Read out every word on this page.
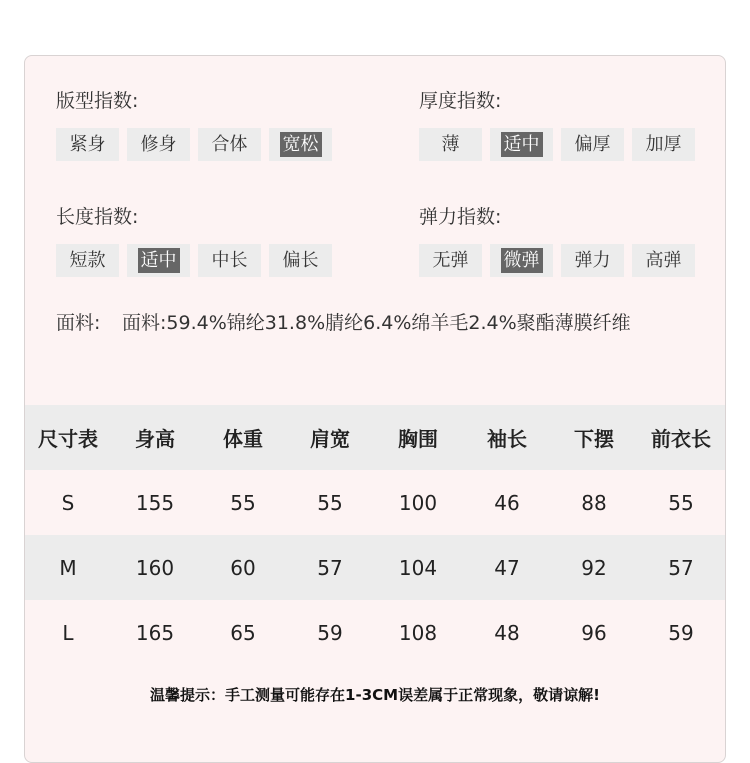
版型指数:
紧身	修身	合体	宽松
厚度指数:
薄	适中	偏厚	加厚
长度指数:
短款	适中	中长	偏长
弹力指数:
无弹	微弹	弹力	高弹
面料: 面料:59.4%锦纶31.8%腈纶6.4%绵羊毛2.4%聚酯薄膜纤维
尺寸表	身高	体重	肩宽	胸围	袖长	下摆	前衣长
S	155	55	55	100	46	88	55
M	160	60	57	104	47	92	57
L	165	65	59	108	48	96	59
温馨提示：手工测量可能存在1-3CM误差属于正常现象，敬请谅解!
